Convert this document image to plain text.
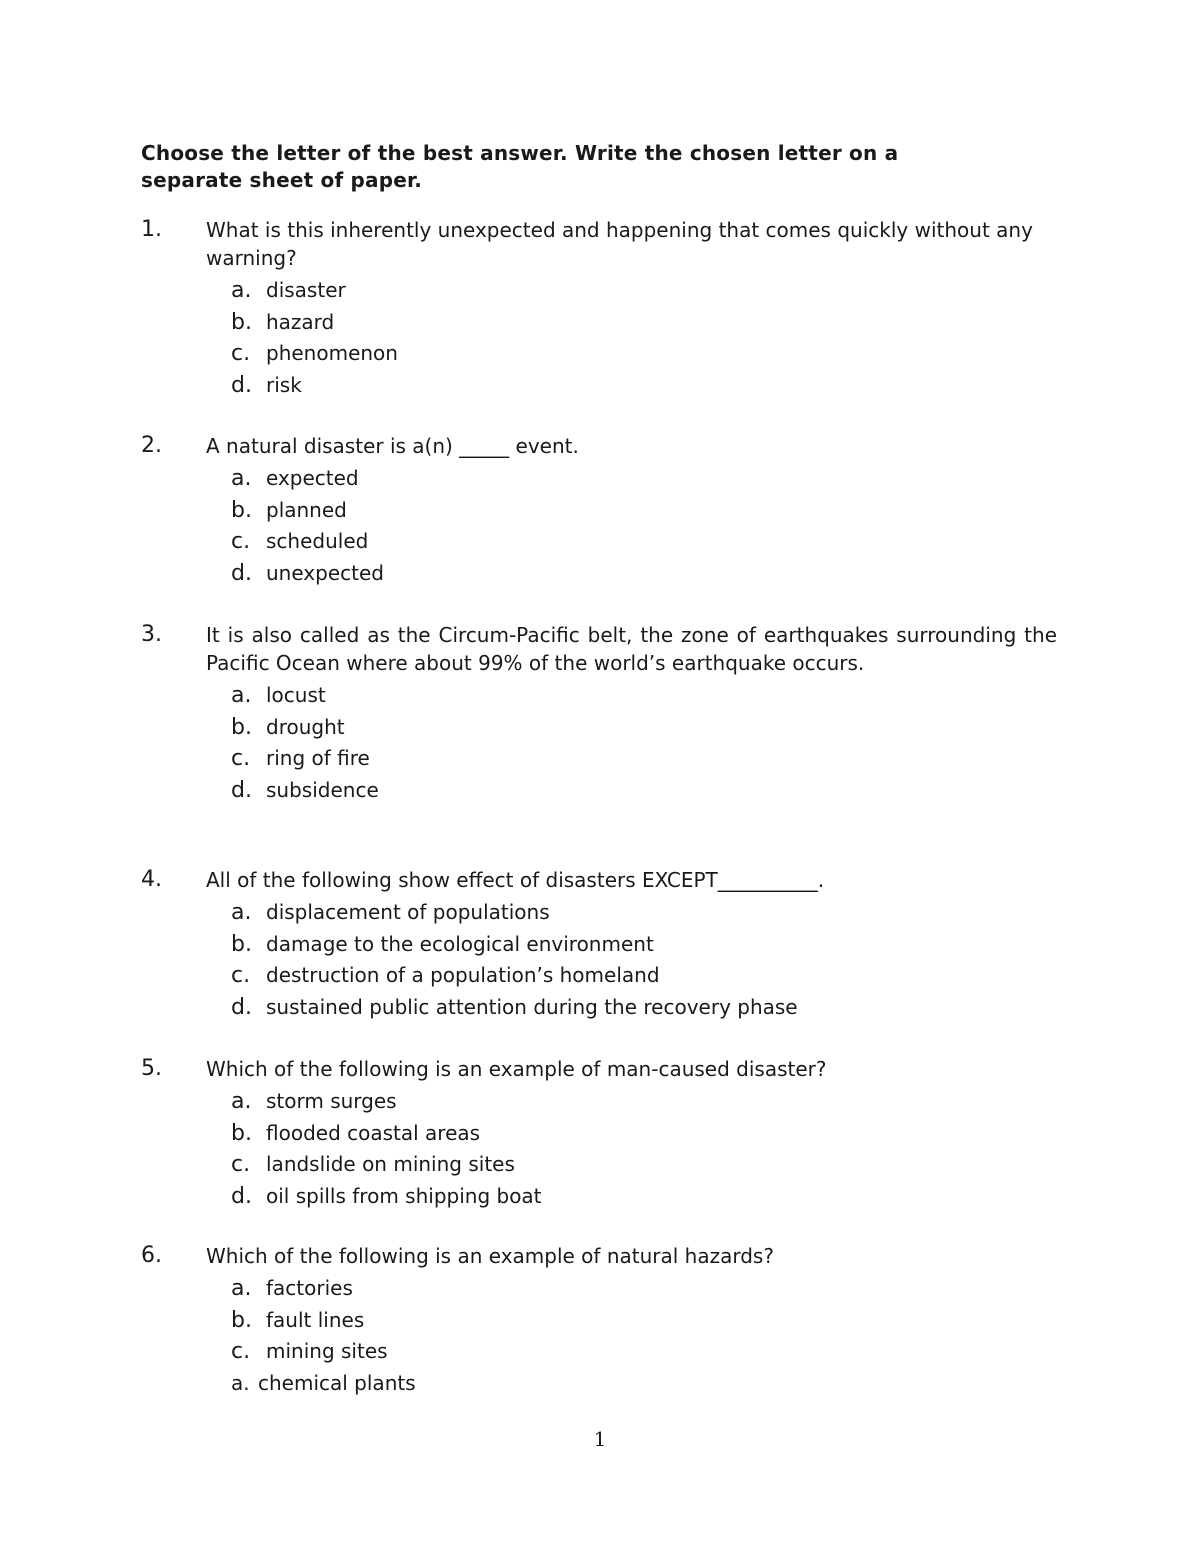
Choose the letter of the best answer. Write the chosen letter on a
separate sheet of paper.
1. What is this inherently unexpected and happening that comes quickly without any warning?
a. disaster
b. hazard
c. phenomenon
d. risk
2. A natural disaster is a(n) _____ event.
a. expected
b. planned
c. scheduled
d. unexpected
3. It is also called as the Circum-Pacific belt, the zone of earthquakes surrounding the Pacific Ocean where about 99% of the world’s earthquake occurs.
a. locust
b. drought
c. ring of fire
d. subsidence
4. All of the following show effect of disasters EXCEPT__________.
a. displacement of populations
b. damage to the ecological environment
c. destruction of a population’s homeland
d. sustained public attention during the recovery phase
5. Which of the following is an example of man-caused disaster?
a. storm surges
b. flooded coastal areas
c. landslide on mining sites
d. oil spills from shipping boat
6. Which of the following is an example of natural hazards?
a. factories
b. fault lines
c. mining sites
a. chemical plants
1
